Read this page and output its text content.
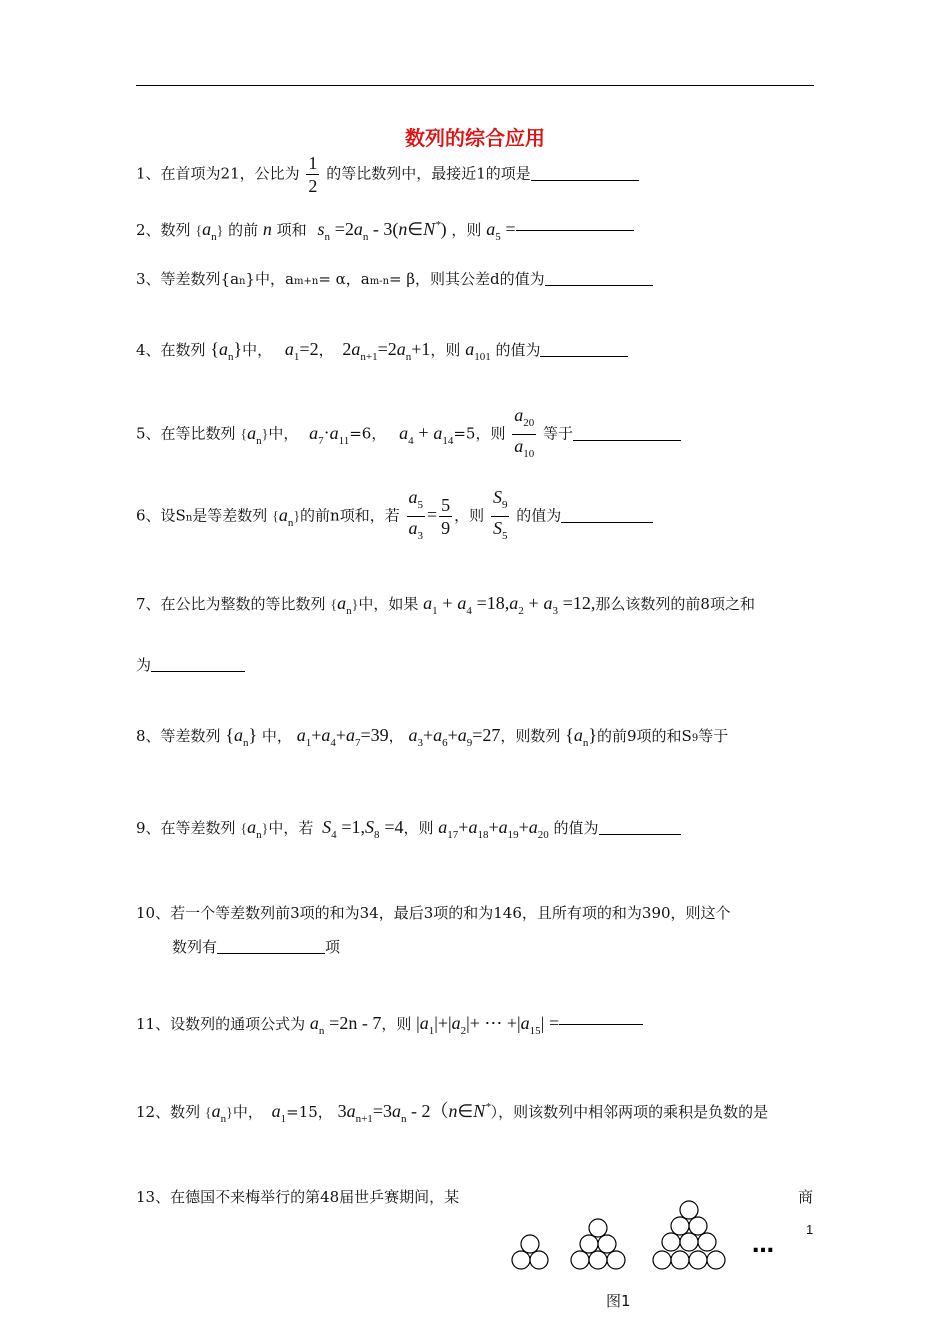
数列的综合应用
1、在首项为21，公比为 $\frac{1}{2}$ 的等比数列中，最接近1的项是
2、数列 $\{a_n\}$ 的前 n 项和 $s_n =2a_n$ - 3(n∈N*) ，则 $a_5$ =
3、等差数列{an}中，am+n= α，am-n= β，则其公差d的值为
4、在数列 $\{a_n\}$中， $a_1=2$， $2a_{n+1}=2a_n+1$，则 $a_{101}$ 的值为
5、在等比数列 $\{a_n\}$中， $a_7\cdot a_{11}=6$， $a_4 + a_{14}=5$，则 $\frac{a_{20}}{a_{10}}$ 等于
6、设Sn是等差数列 $\{a_n\}$的前n项和，若 $\frac{a_5}{a_3} = \frac{5}{9}$ ，则 $\frac{S_9}{S_5}$ 的值为
7、在公比为整数的等比数列 $\{a_n\}$中，如果 $a_1 + a_4 =18,a_2 + a_3 =12$,那么该数列的前8项之和
为
8、等差数列 $\{a_n\}$ 中， $a_1+a_4+a_7=39$， $a_3+a_6+a_9=27$，则数列 $\{a_n\}$的前9项的和S9等于
9、在等差数列 $\{a_n\}$中，若 $S_4 =1,S_8 =4$，则 $a_{17}+a_{18}+a_{19}+a_{20}$ 的值为
10、若一个等差数列前3项的和为34，最后3项的和为146，且所有项的和为390，则这个
数列有	项
11、设数列的通项公式为 $a_n =2n - 7$，则 $|a_1|+|a_2|+$ ⋯ $+|a_{15}|$ =
12、数列 $\{a_n\}$中， $a_1=15$， $3a_{n+1}=3a_n$ - 2（n∈N*），则该数列中相邻两项的乘积是负数的是
13、在德国不来梅举行的第48届世乒赛期间，某	商
…
1
图1
